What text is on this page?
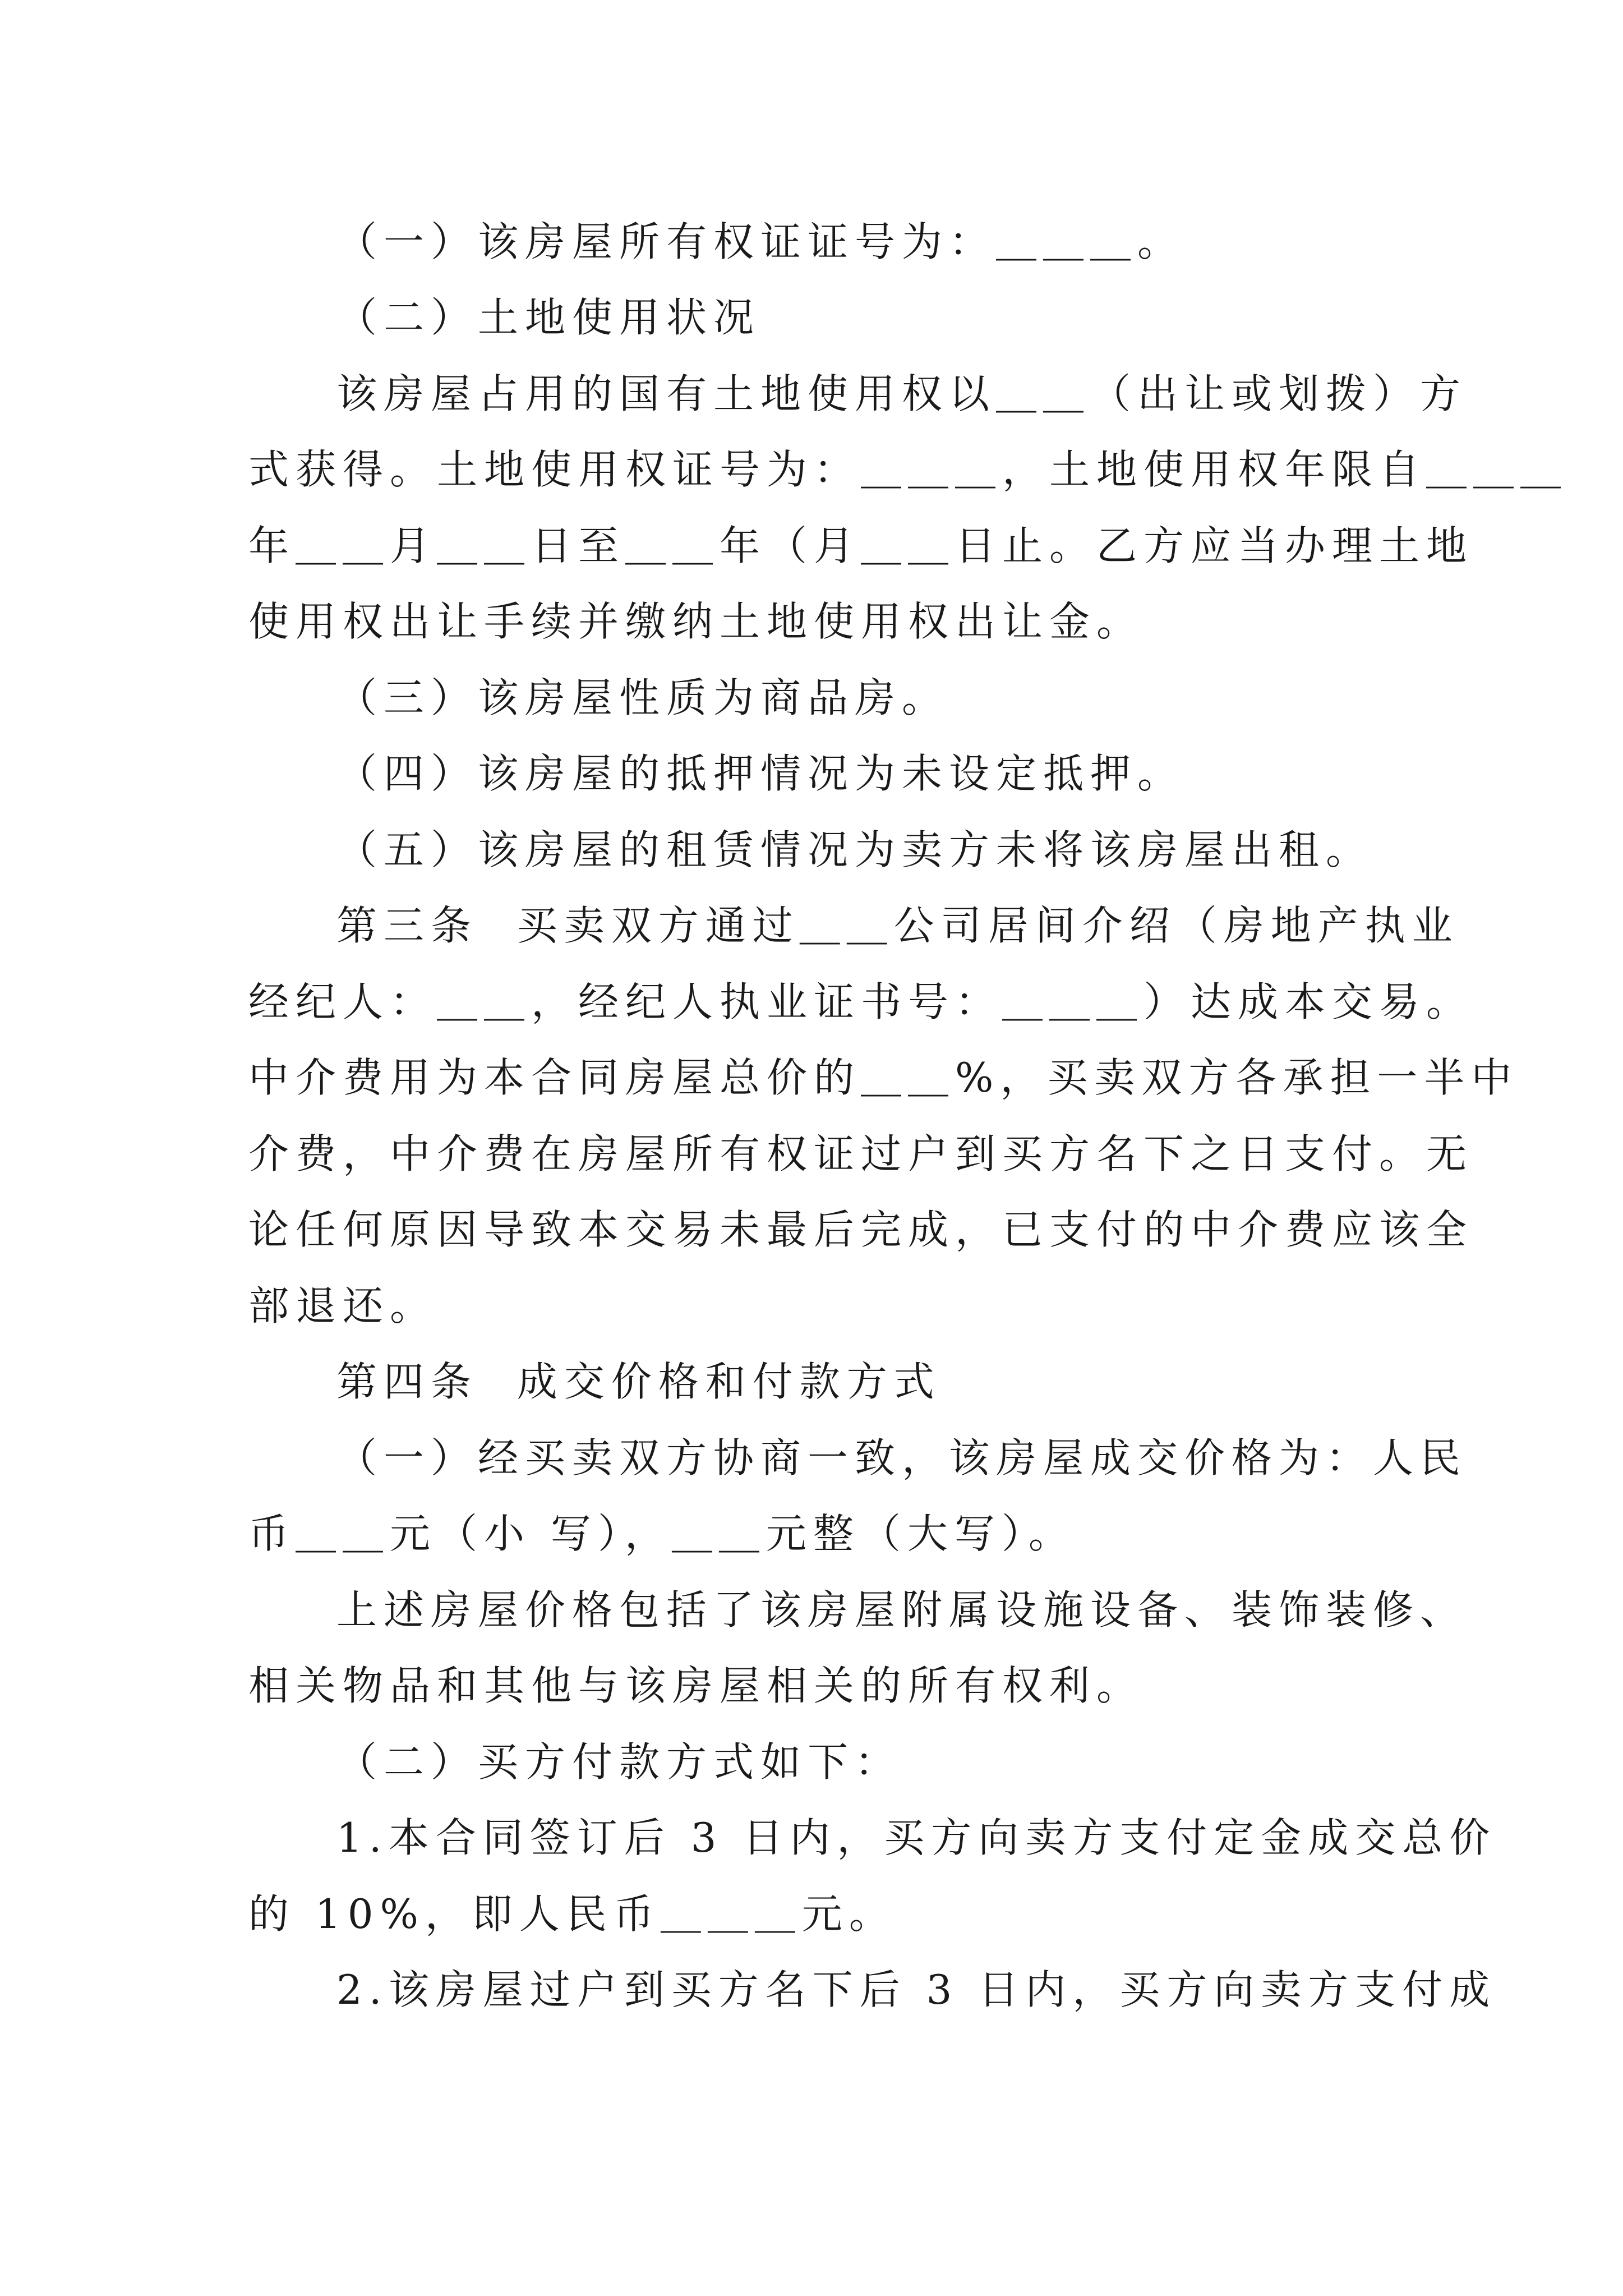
（一）该房屋所有权证证号为：＿＿＿。
（二）土地使用状况
该房屋占用的国有土地使用权以＿＿（出让或划拨）方
式获得。土地使用权证号为：＿＿＿，土地使用权年限自＿＿＿
年＿＿月＿＿日至＿＿年（月＿＿日止。乙方应当办理土地
使用权出让手续并缴纳土地使用权出让金。
（三）该房屋性质为商品房。
（四）该房屋的抵押情况为未设定抵押。
（五）该房屋的租赁情况为卖方未将该房屋出租。
第三条  买卖双方通过＿＿公司居间介绍（房地产执业
经纪人：＿＿，经纪人执业证书号：＿＿＿）达成本交易。
中介费用为本合同房屋总价的＿＿%，买卖双方各承担一半中
介费，中介费在房屋所有权证过户到买方名下之日支付。无
论任何原因导致本交易未最后完成，已支付的中介费应该全
部退还。
第四条  成交价格和付款方式
（一）经买卖双方协商一致，该房屋成交价格为：人民
币＿＿元（小 写），＿＿元整（大写）。
上述房屋价格包括了该房屋附属设施设备、装饰装修、
相关物品和其他与该房屋相关的所有权利。
（二）买方付款方式如下：
1.本合同签订后 3 日内，买方向卖方支付定金成交总价
的 10%，即人民币＿＿＿元。
2.该房屋过户到买方名下后 3 日内，买方向卖方支付成
